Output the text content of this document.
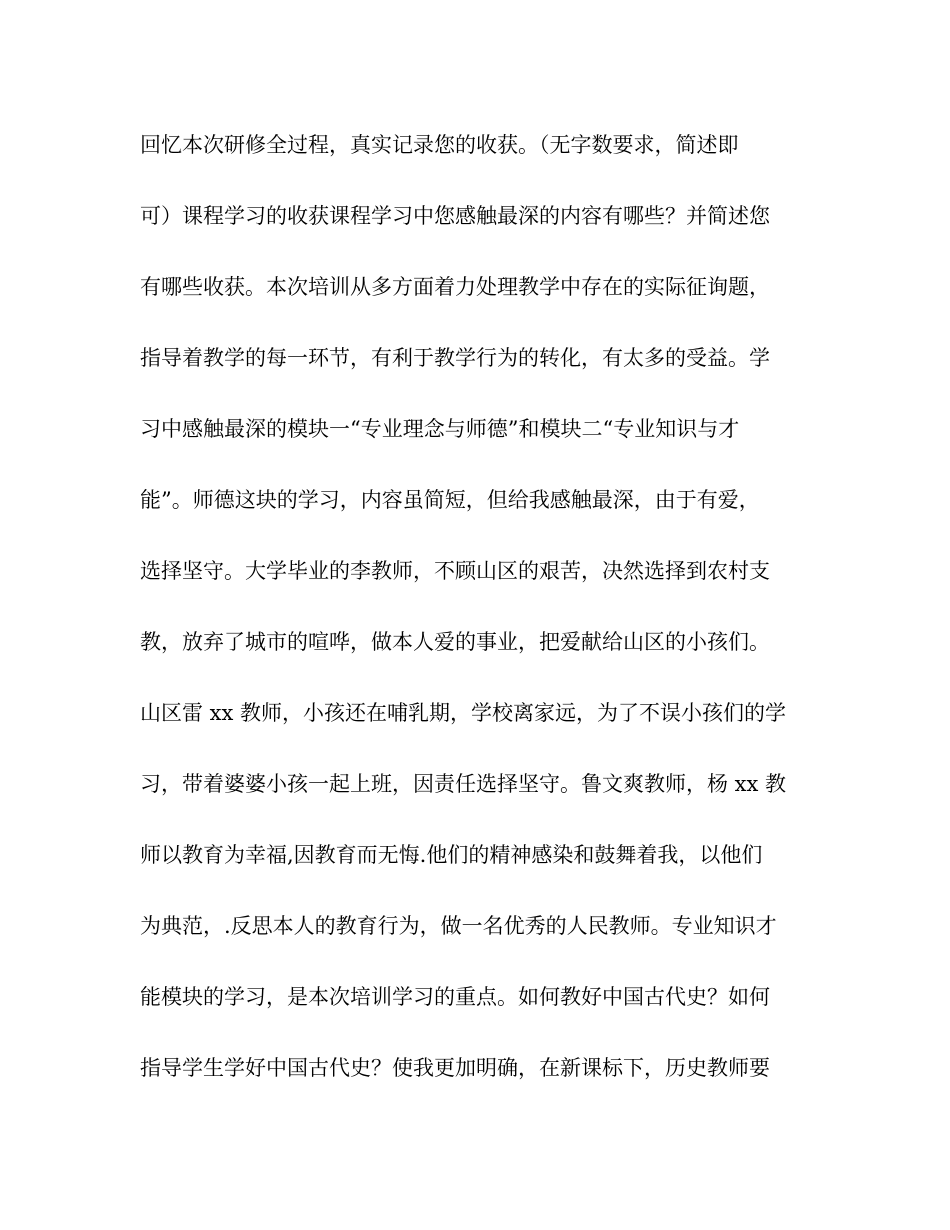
回忆本次研修全过程，真实记录您的收获。（无字数要求，简述即
可）课程学习的收获课程学习中您感触最深的内容有哪些？并简述您
有哪些收获。本次培训从多方面着力处理教学中存在的实际征询题，
指导着教学的每一环节，有利于教学行为的转化，有太多的受益。学
习中感触最深的模块一“专业理念与师德”和模块二“专业知识与才
能”。师德这块的学习，内容虽简短，但给我感触最深，由于有爱，
选择坚守。大学毕业的李教师，不顾山区的艰苦，决然选择到农村支
教，放弃了城市的喧哗，做本人爱的事业，把爱献给山区的小孩们。
山区雷 xx 教师，小孩还在哺乳期，学校离家远，为了不误小孩们的学
习，带着婆婆小孩一起上班，因责任选择坚守。鲁文爽教师，杨 xx 教
师以教育为幸福,因教育而无悔.他们的精神感染和鼓舞着我，以他们
为典范，.反思本人的教育行为，做一名优秀的人民教师。专业知识才
能模块的学习，是本次培训学习的重点。如何教好中国古代史？如何
指导学生学好中国古代史？使我更加明确，在新课标下，历史教师要
